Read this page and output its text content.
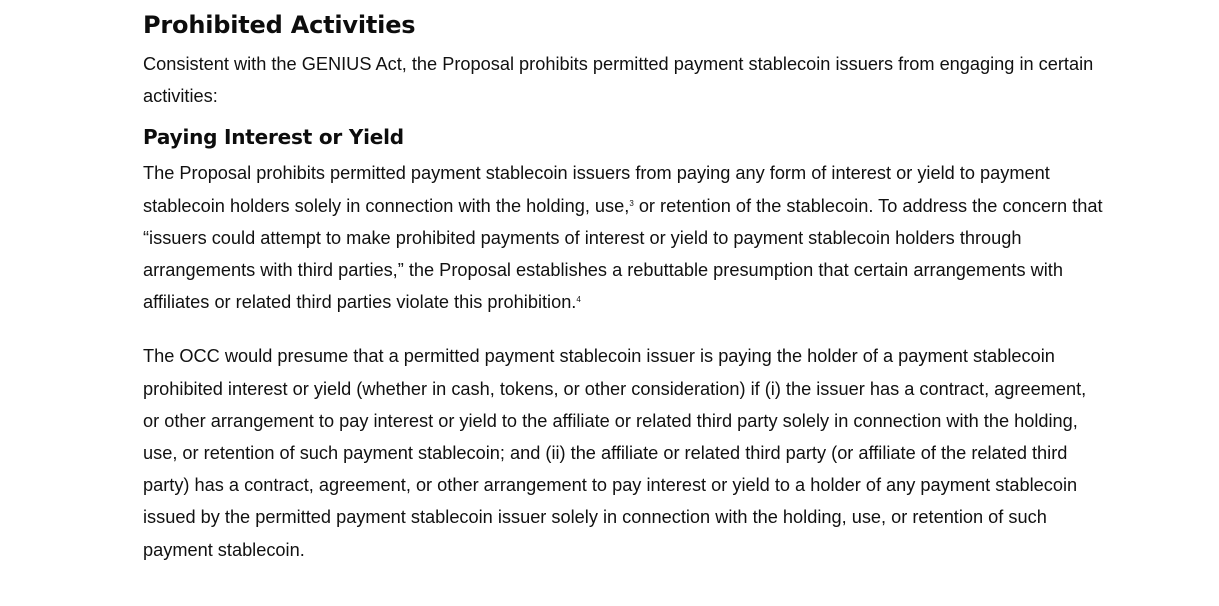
Prohibited Activities

Consistent with the GENIUS Act, the Proposal prohibits permitted payment stablecoin issuers from engaging in certain activities:

Paying Interest or Yield

The Proposal prohibits permitted payment stablecoin issuers from paying any form of interest or yield to payment stablecoin holders solely in connection with the holding, use,$^3$ or retention of the stablecoin. To address the concern that “issuers could attempt to make prohibited payments of interest or yield to payment stablecoin holders through arrangements with third parties,” the Proposal establishes a rebuttable presumption that certain arrangements with affiliates or related third parties violate this prohibition.$^4$

The OCC would presume that a permitted payment stablecoin issuer is paying the holder of a payment stablecoin prohibited interest or yield (whether in cash, tokens, or other consideration) if (i) the issuer has a contract, agreement, or other arrangement to pay interest or yield to the affiliate or related third party solely in connection with the holding, use, or retention of such payment stablecoin; and (ii) the affiliate or related third party (or affiliate of the related third party) has a contract, agreement, or other arrangement to pay interest or yield to a holder of any payment stablecoin issued by the permitted payment stablecoin issuer solely in connection with the holding, use, or retention of such payment stablecoin.
